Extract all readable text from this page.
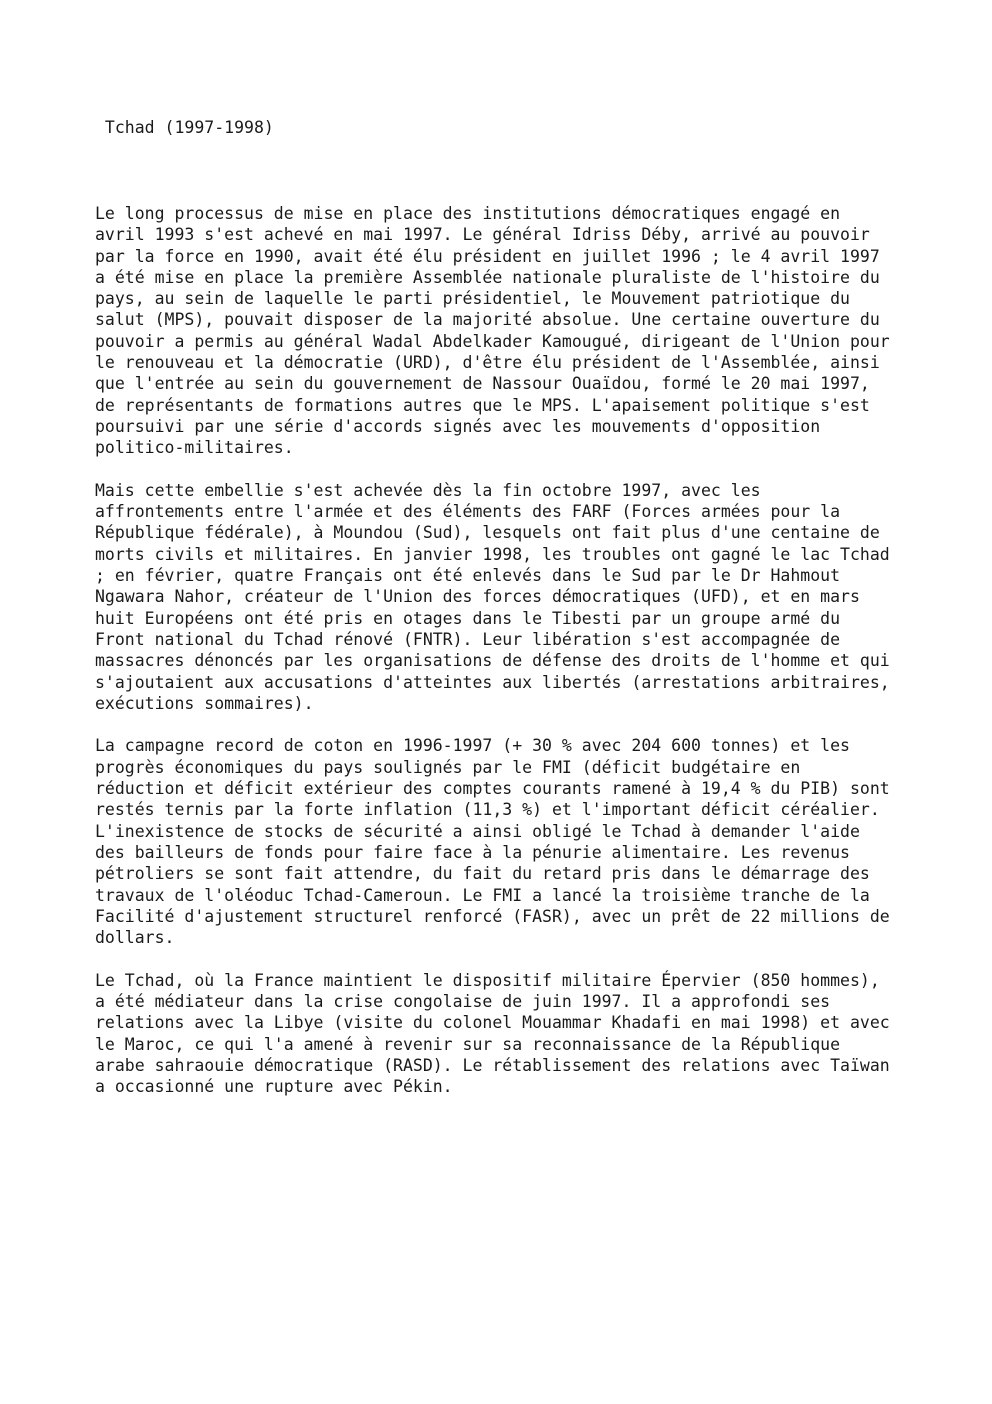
Tchad (1997-1998)

Le long processus de mise en place des institutions démocratiques engagé en
avril 1993 s'est achevé en mai 1997. Le général Idriss Déby, arrivé au pouvoir
par la force en 1990, avait été élu président en juillet 1996 ; le 4 avril 1997
a été mise en place la première Assemblée nationale pluraliste de l'histoire du
pays, au sein de laquelle le parti présidentiel, le Mouvement patriotique du
salut (MPS), pouvait disposer de la majorité absolue. Une certaine ouverture du
pouvoir a permis au général Wadal Abdelkader Kamougué, dirigeant de l'Union pour
le renouveau et la démocratie (URD), d'être élu président de l'Assemblée, ainsi
que l'entrée au sein du gouvernement de Nassour Ouaïdou, formé le 20 mai 1997,
de représentants de formations autres que le MPS. L'apaisement politique s'est
poursuivi par une série d'accords signés avec les mouvements d'opposition
politico-militaires.

Mais cette embellie s'est achevée dès la fin octobre 1997, avec les
affrontements entre l'armée et des éléments des FARF (Forces armées pour la
République fédérale), à Moundou (Sud), lesquels ont fait plus d'une centaine de
morts civils et militaires. En janvier 1998, les troubles ont gagné le lac Tchad
; en février, quatre Français ont été enlevés dans le Sud par le Dr Hahmout
Ngawara Nahor, créateur de l'Union des forces démocratiques (UFD), et en mars
huit Européens ont été pris en otages dans le Tibesti par un groupe armé du
Front national du Tchad rénové (FNTR). Leur libération s'est accompagnée de
massacres dénoncés par les organisations de défense des droits de l'homme et qui
s'ajoutaient aux accusations d'atteintes aux libertés (arrestations arbitraires,
exécutions sommaires).

La campagne record de coton en 1996-1997 (+ 30 % avec 204 600 tonnes) et les
progrès économiques du pays soulignés par le FMI (déficit budgétaire en
réduction et déficit extérieur des comptes courants ramené à 19,4 % du PIB) sont
restés ternis par la forte inflation (11,3 %) et l'important déficit céréalier.
L'inexistence de stocks de sécurité a ainsi obligé le Tchad à demander l'aide
des bailleurs de fonds pour faire face à la pénurie alimentaire. Les revenus
pétroliers se sont fait attendre, du fait du retard pris dans le démarrage des
travaux de l'oléoduc Tchad-Cameroun. Le FMI a lancé la troisième tranche de la
Facilité d'ajustement structurel renforcé (FASR), avec un prêt de 22 millions de
dollars.

Le Tchad, où la France maintient le dispositif militaire Épervier (850 hommes),
a été médiateur dans la crise congolaise de juin 1997. Il a approfondi ses
relations avec la Libye (visite du colonel Mouammar Khadafi en mai 1998) et avec
le Maroc, ce qui l'a amené à revenir sur sa reconnaissance de la République
arabe sahraouie démocratique (RASD). Le rétablissement des relations avec Taïwan
a occasionné une rupture avec Pékin.
